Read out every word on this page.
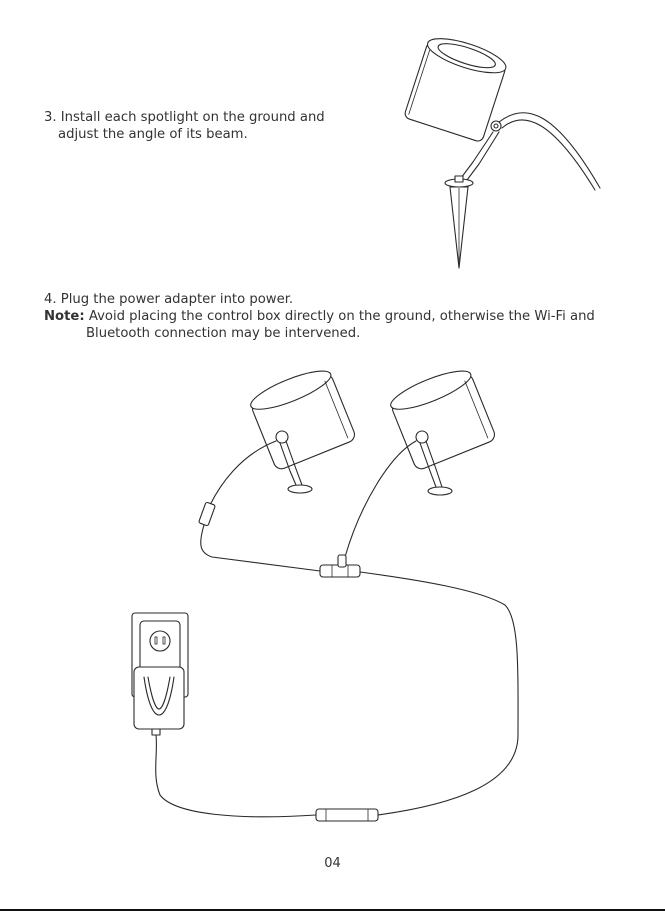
3. Install each spotlight on the ground and
adjust the angle of its beam.
4. Plug the power adapter into power.
Note: Avoid placing the control box directly on the ground, otherwise the Wi-Fi and
Bluetooth connection may be intervened.
04
